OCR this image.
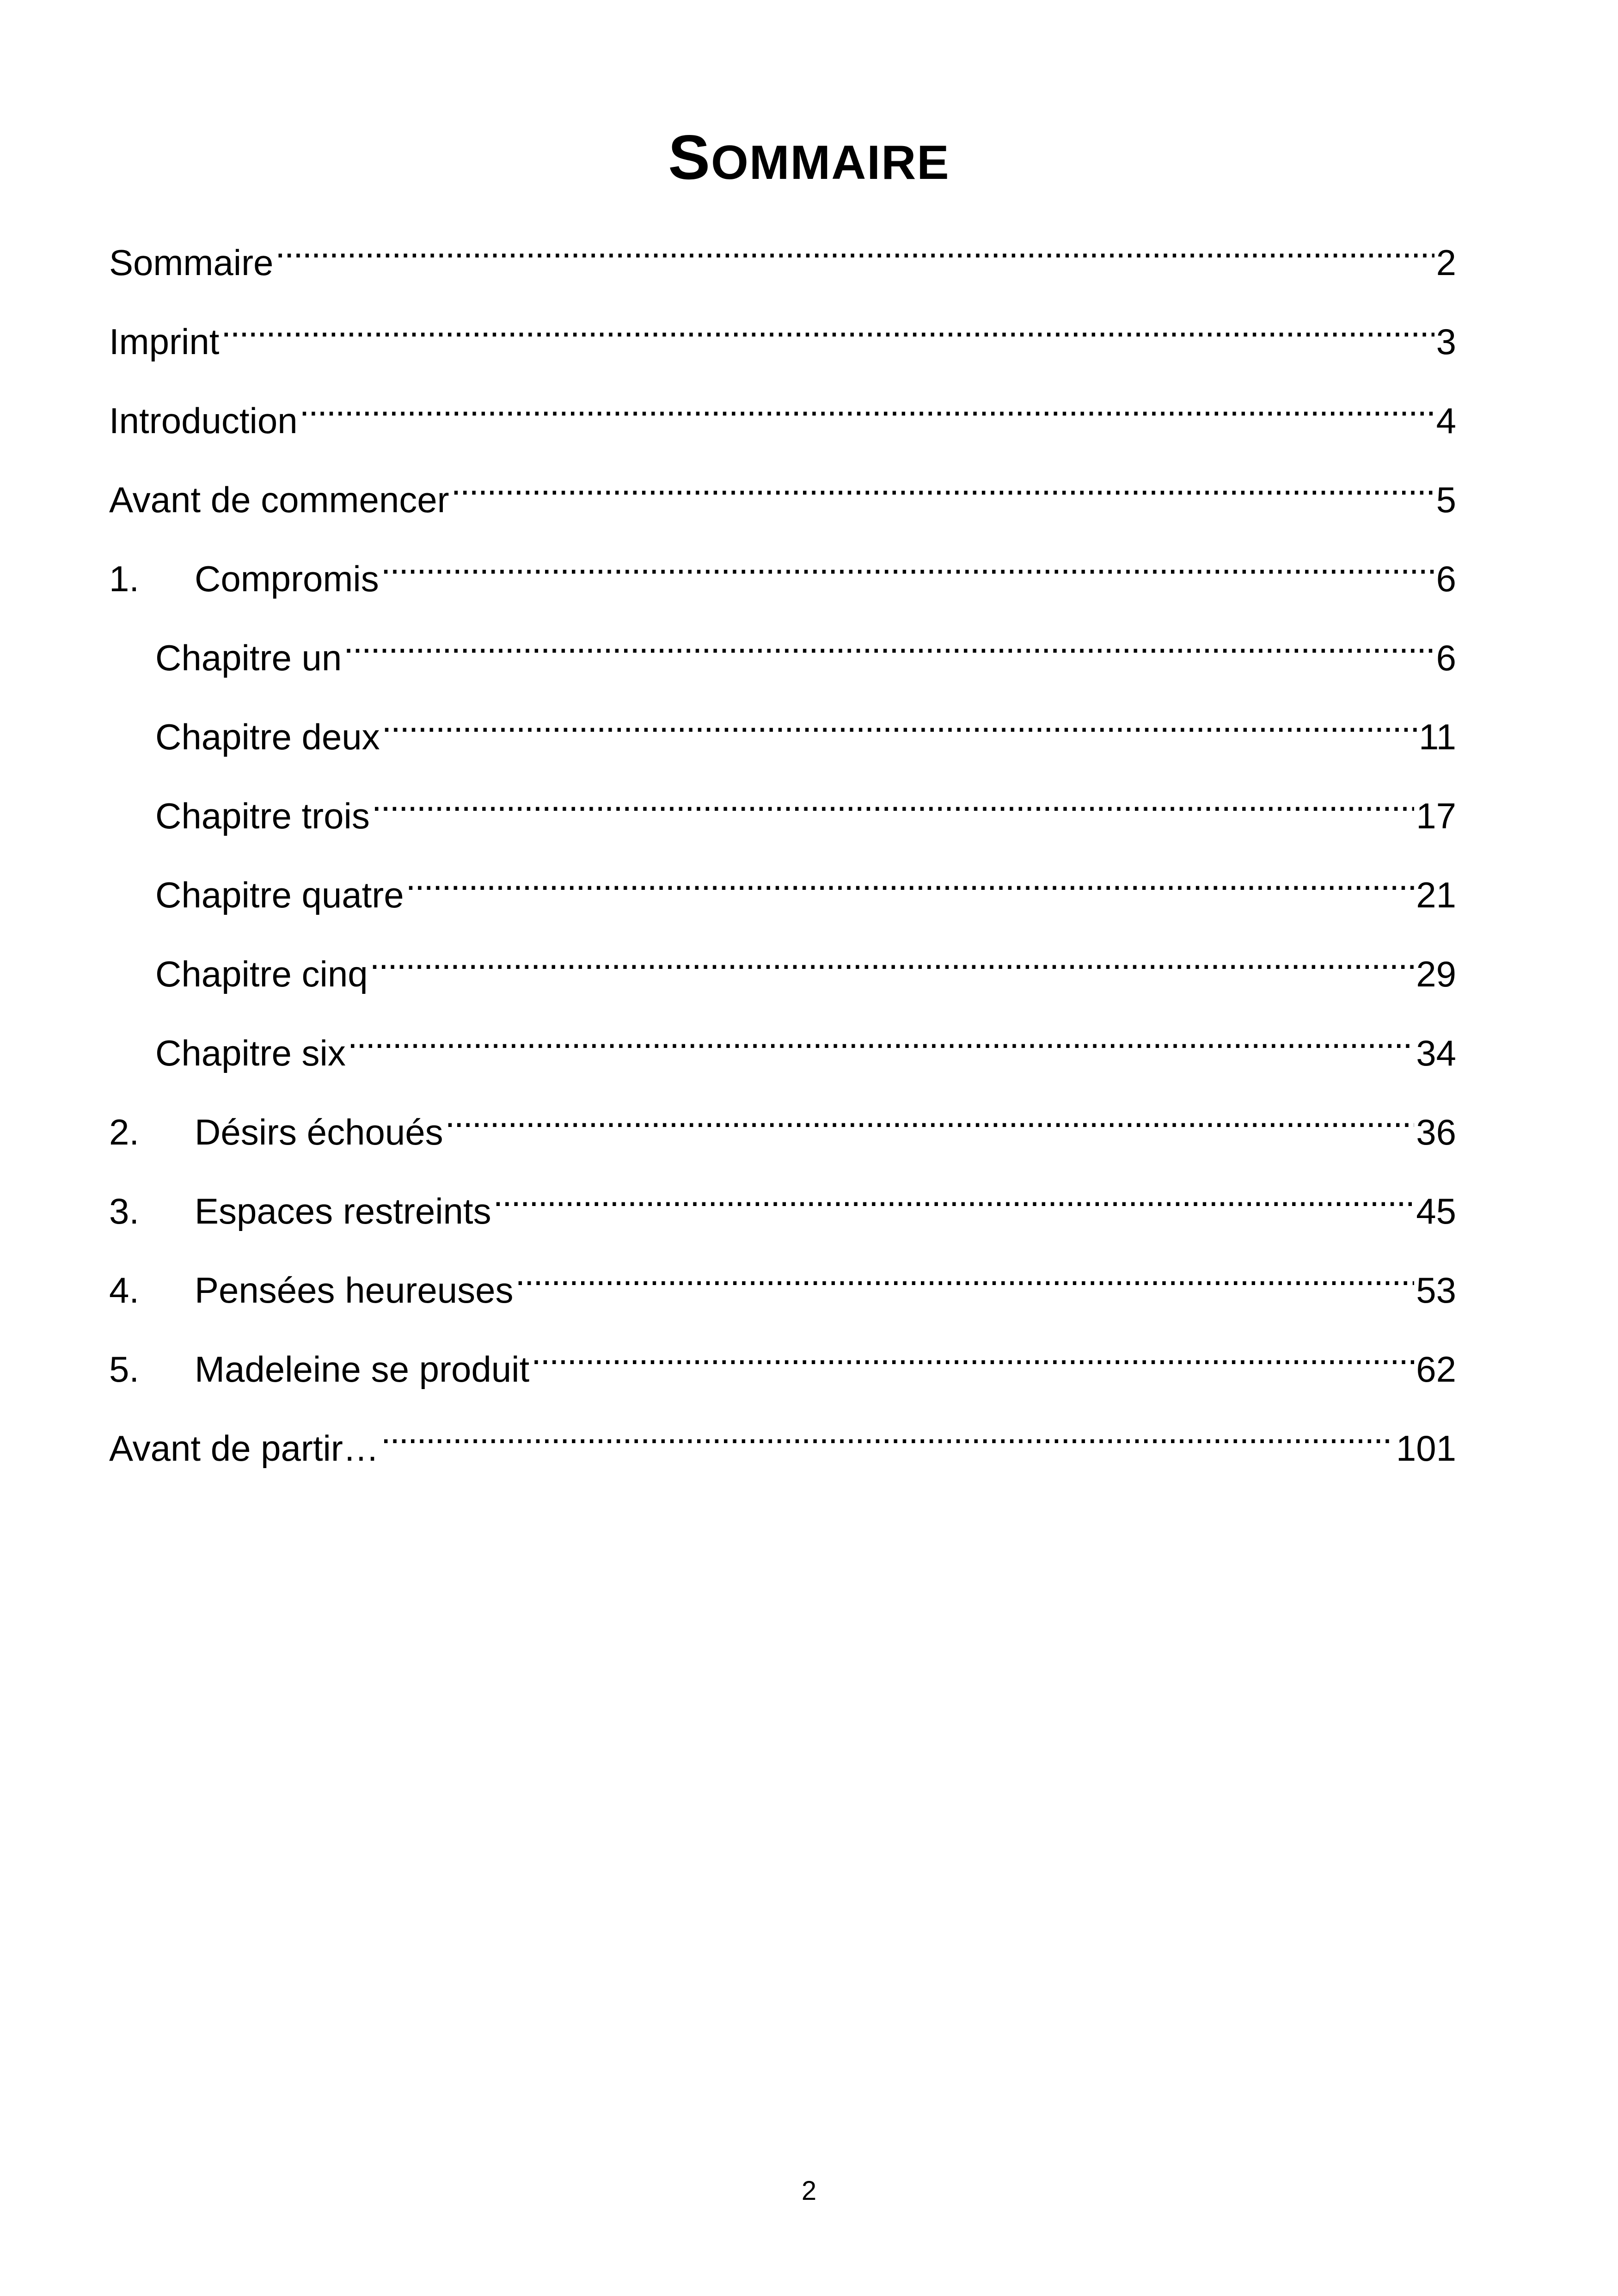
SOMMAIRE
Sommaire . . .	2
Imprint . . .	3
Introduction . . .	4
Avant de commencer . . .	5
1.	Compromis . . .	6
Chapitre un . . .	6
Chapitre deux . . .	11
Chapitre trois . . .	17
Chapitre quatre . . .	21
Chapitre cinq . . .	29
Chapitre six . . .	34
2.	Désirs échoués . . .	36
3.	Espaces restreints . . .	45
4.	Pensées heureuses . . .	53
5.	Madeleine se produit . . .	62
Avant de partir… . . .	101
2
